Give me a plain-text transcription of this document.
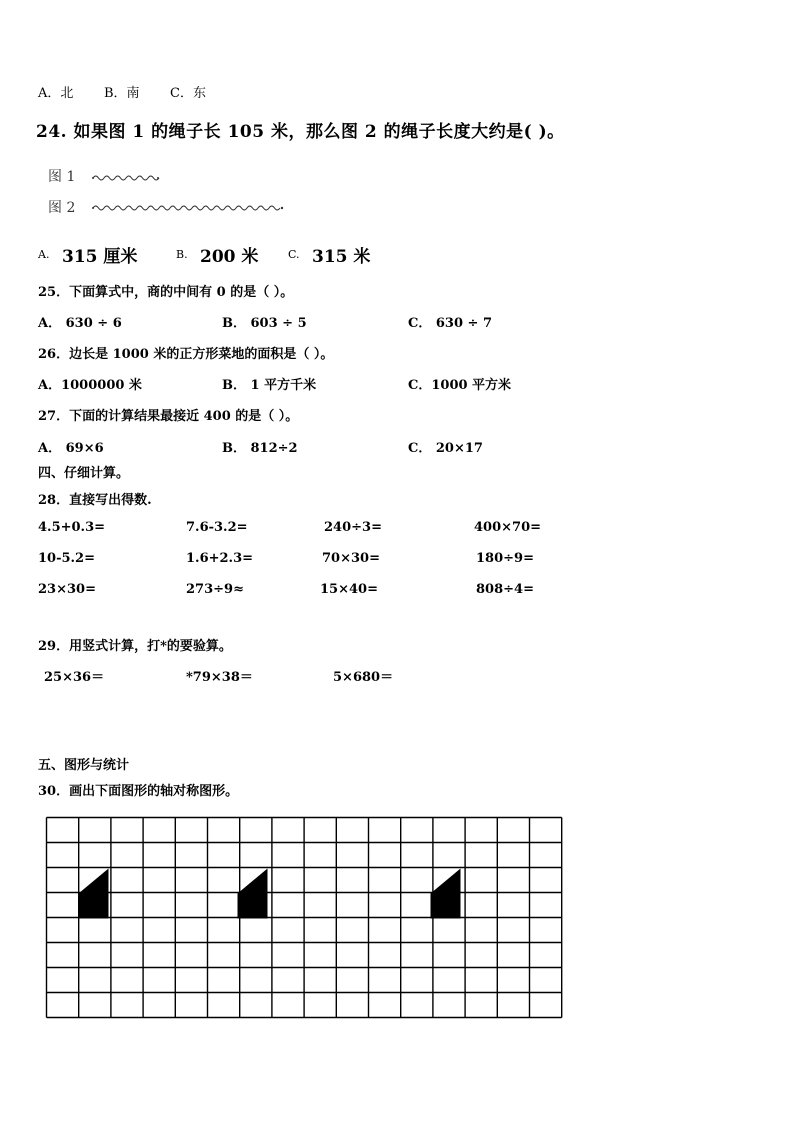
A．北 B．南 C．东
24. 如果图 1 的绳子长 105 米，那么图 2 的绳子长度大约是( )。
图 1
图 2
A. 315 厘米	B. 200 米	C. 315 米
25．下面算式中，商的中间有 0 的是（ ）。
A． 630 ÷ 6	B． 603 ÷ 5	C． 630 ÷ 7
26．边长是 1000 米的正方形菜地的面积是（ ）。
A．1000000 米	B． 1 平方千米	C．1000 平方米
27．下面的计算结果最接近 400 的是（ ）。
A． 69×6	B． 812÷2	C． 20×17
四、仔细计算。
28．直接写出得数.
4.5+0.3=	7.6-3.2=	240÷3=	400×70=
10-5.2=	1.6+2.3=	70×30=	180÷9=
23×30=	273÷9≈	15×40=	808÷4=
29．用竖式计算，打*的要验算。
25×36＝	*79×38＝	5×680＝
五、图形与统计
30．画出下面图形的轴对称图形。
